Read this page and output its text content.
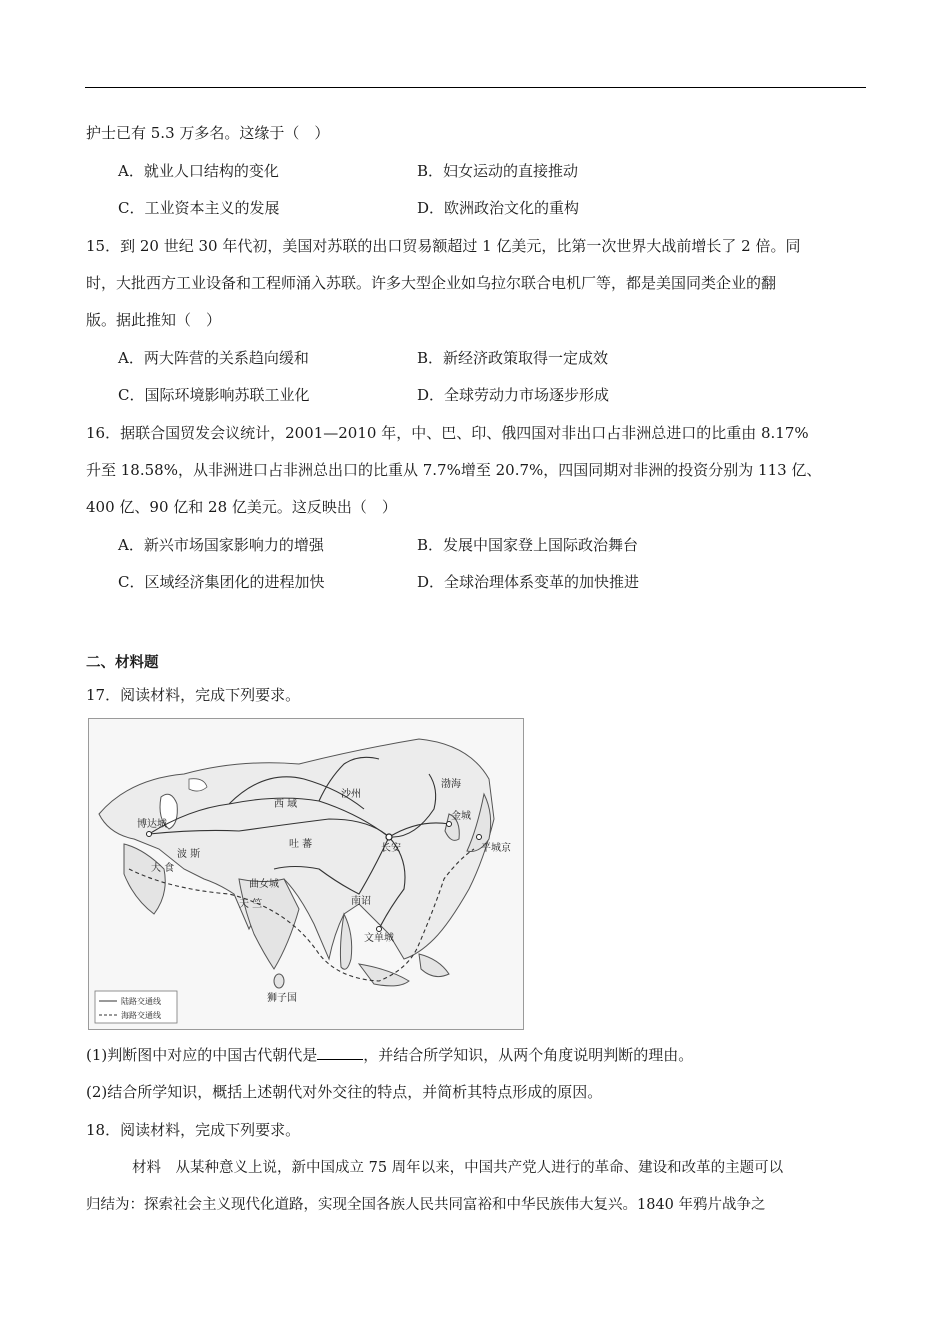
护士已有 5.3 万多名。这缘于（　）
A．就业人口结构的变化	B．妇女运动的直接推动
C．工业资本主义的发展	D．欧洲政治文化的重构
15．到 20 世纪 30 年代初，美国对苏联的出口贸易额超过 1 亿美元，比第一次世界大战前增长了 2 倍。同
时，大批西方工业设备和工程师涌入苏联。许多大型企业如乌拉尔联合电机厂等，都是美国同类企业的翻
版。据此推知（　）
A．两大阵营的关系趋向缓和	B．新经济政策取得一定成效
C．国际环境影响苏联工业化	D．全球劳动力市场逐步形成
16．据联合国贸发会议统计，2001—2010 年，中、巴、印、俄四国对非出口占非洲总进口的比重由 8.17%
升至 18.58%，从非洲进口占非洲总出口的比重从 7.7%增至 20.7%，四国同期对非洲的投资分别为 113 亿、
400 亿、90 亿和 28 亿美元。这反映出（　）
A．新兴市场国家影响力的增强	B．发展中国家登上国际政治舞台
C．区域经济集团化的进程加快	D．全球治理体系变革的加快推进
二、材料题
17．阅读材料，完成下列要求。
波 斯
大 食
吐 蕃
西 域
沙州
长安
天 竺
渤海
平城京
金城
文单城
曲女城
博达城
狮子国
南诏
陆路交通线
海路交通线
(1)判断图中对应的中国古代朝代是	，并结合所学知识，从两个角度说明判断的理由。
(2)结合所学知识，概括上述朝代对外交往的特点，并简析其特点形成的原因。
18．阅读材料，完成下列要求。
材料　从某种意义上说，新中国成立 75 周年以来，中国共产党人进行的革命、建设和改革的主题可以
归结为：探索社会主义现代化道路，实现全国各族人民共同富裕和中华民族伟大复兴。1840 年鸦片战争之
